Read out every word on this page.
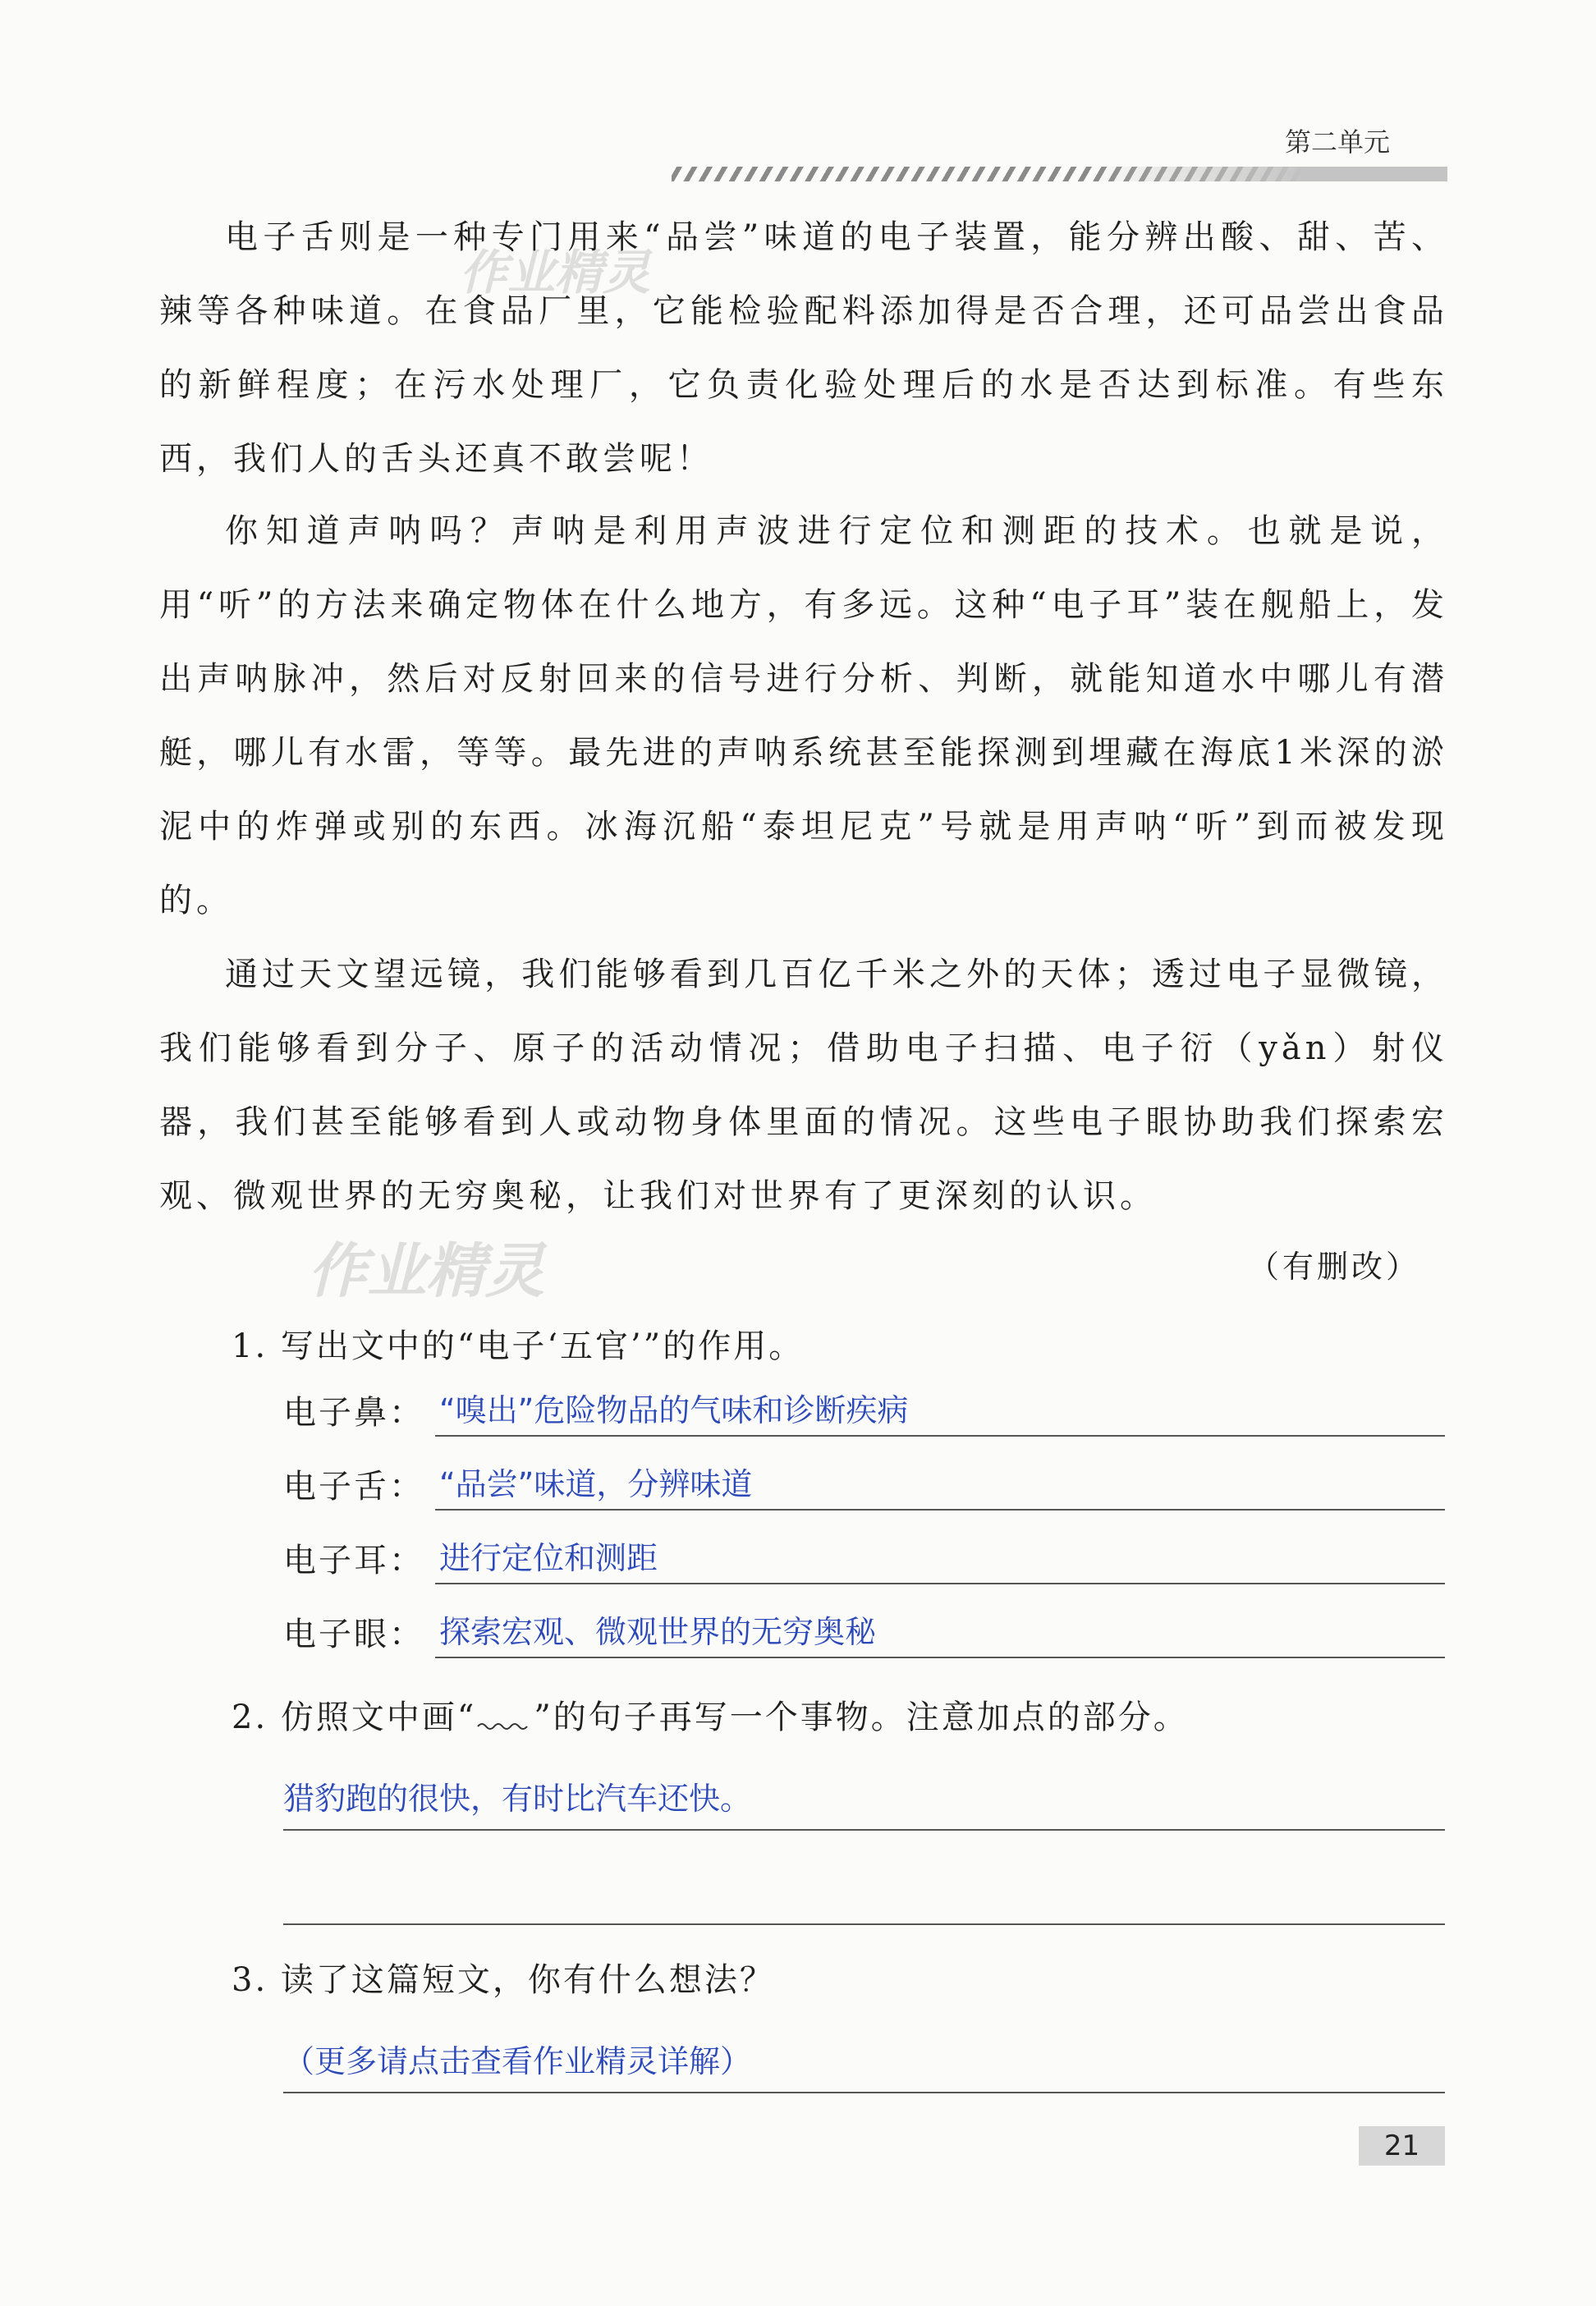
第二单元
作业精灵
作业精灵

电子舌则是一种专门用来“品尝”味道的电子装置，能分辨出酸、甜、苦、辣等各种味道。在食品厂里，它能检验配料添加得是否合理，还可品尝出食品的新鲜程度；在污水处理厂，它负责化验处理后的水是否达到标准。有些东西，我们人的舌头还真不敢尝呢！

你知道声呐吗？声呐是利用声波进行定位和测距的技术。也就是说，用“听”的方法来确定物体在什么地方，有多远。这种“电子耳”装在舰船上，发出声呐脉冲，然后对反射回来的信号进行分析、判断，就能知道水中哪儿有潜艇，哪儿有水雷，等等。最先进的声呐系统甚至能探测到埋藏在海底1米深的淤泥中的炸弹或别的东西。冰海沉船“泰坦尼克”号就是用声呐“听”到而被发现的。

通过天文望远镜，我们能够看到几百亿千米之外的天体；透过电子显微镜，我们能够看到分子、原子的活动情况；借助电子扫描、电子衍（yǎn）射仪器，我们甚至能够看到人或动物身体里面的情况。这些电子眼协助我们探索宏观、微观世界的无穷奥秘，让我们对世界有了更深刻的认识。

（有删改）
1. 写出文中的“电子‘五官’”的作用。
电子鼻： “嗅出”危险物品的气味和诊断疾病
电子舌： “品尝”味道，分辨味道
电子耳： 进行定位和测距
电子眼： 探索宏观、微观世界的无穷奥秘
2. 仿照文中画“ ”的句子再写一个事物。注意加点的部分。
猎豹跑的很快，有时比汽车还快。
3. 读了这篇短文，你有什么想法？
（更多请点击查看作业精灵详解）
21
